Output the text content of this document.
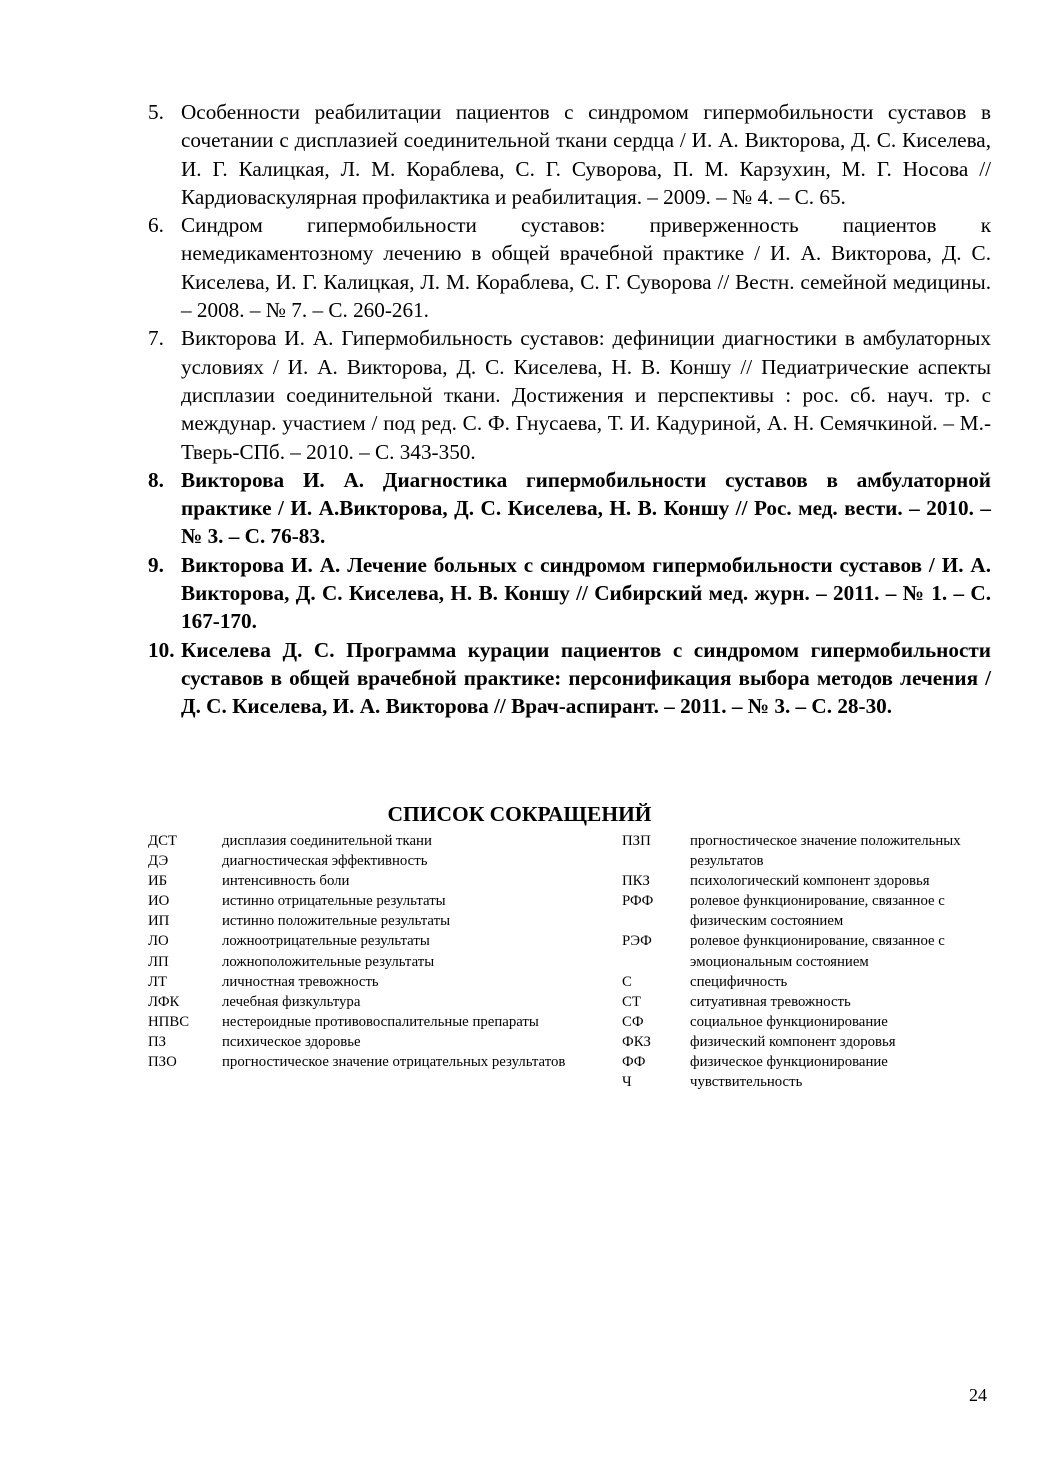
5. Особенности реабилитации пациентов с синдромом гипермобильности суставов в сочетании с дисплазией соединительной ткани сердца / И. А. Викторова, Д. С. Киселева, И. Г. Калицкая, Л. М. Кораблева, С. Г. Суворова, П. М. Карзухин, М. Г. Носова // Кардиоваскулярная профилактика и реабилитация. – 2009. – № 4. – С. 65.
6. Синдром гипермобильности суставов: приверженность пациентов к немедикаментозному лечению в общей врачебной практике / И. А. Викторова, Д. С. Киселева, И. Г. Калицкая, Л. М. Кораблева, С. Г. Суворова // Вестн. семейной медицины. – 2008. – № 7. – С. 260-261.
7. Викторова И. А. Гипермобильность суставов: дефиниции диагностики в амбулаторных условиях / И. А. Викторова, Д. С. Киселева, Н. В. Коншу // Педиатрические аспекты дисплазии соединительной ткани. Достижения и перспективы : рос. сб. науч. тр. с междунар. участием / под ред. С. Ф. Гнусаева, Т. И. Кадуриной, А. Н. Семячкиной. – М.-Тверь-СПб. – 2010. – С. 343-350.
8. Викторова И. А. Диагностика гипермобильности суставов в амбулаторной практике / И. А.Викторова, Д. С. Киселева, Н. В. Коншу // Рос. мед. вести. – 2010. – № 3. – С. 76-83.
9. Викторова И. А. Лечение больных с синдромом гипермобильности суставов / И. А. Викторова, Д. С. Киселева, Н. В. Коншу // Сибирский мед. журн. – 2011. – № 1. – С. 167-170.
10. Киселева Д. С. Программа курации пациентов с синдромом гипермобильности суставов в общей врачебной практике: персонификация выбора методов лечения / Д. С. Киселева, И. А. Викторова // Врач-аспирант. – 2011. – № 3. – С. 28-30.
СПИСОК СОКРАЩЕНИЙ
ДСТ	дисплазия соединительной ткани
ДЭ	диагностическая эффективность
ИБ	интенсивность боли
ИО	истинно отрицательные результаты
ИП	истинно положительные результаты
ЛО	ложноотрицательные результаты
ЛП	ложноположительные результаты
ЛТ	личностная тревожность
ЛФК	лечебная физкультура
НПВС	нестероидные противовоспалительные препараты
ПЗ	психическое здоровье
ПЗО	прогностическое значение отрицательных результатов
ПЗП	прогностическое значение положительных результатов
ПКЗ	психологический компонент здоровья
РФФ	ролевое функционирование, связанное с физическим состоянием
РЭФ	ролевое функционирование, связанное с эмоциональным состоянием
С	специфичность
СТ	ситуативная тревожность
СФ	социальное функционирование
ФКЗ	физический компонент здоровья
ФФ	физическое функционирование
Ч	чувствительность
24
